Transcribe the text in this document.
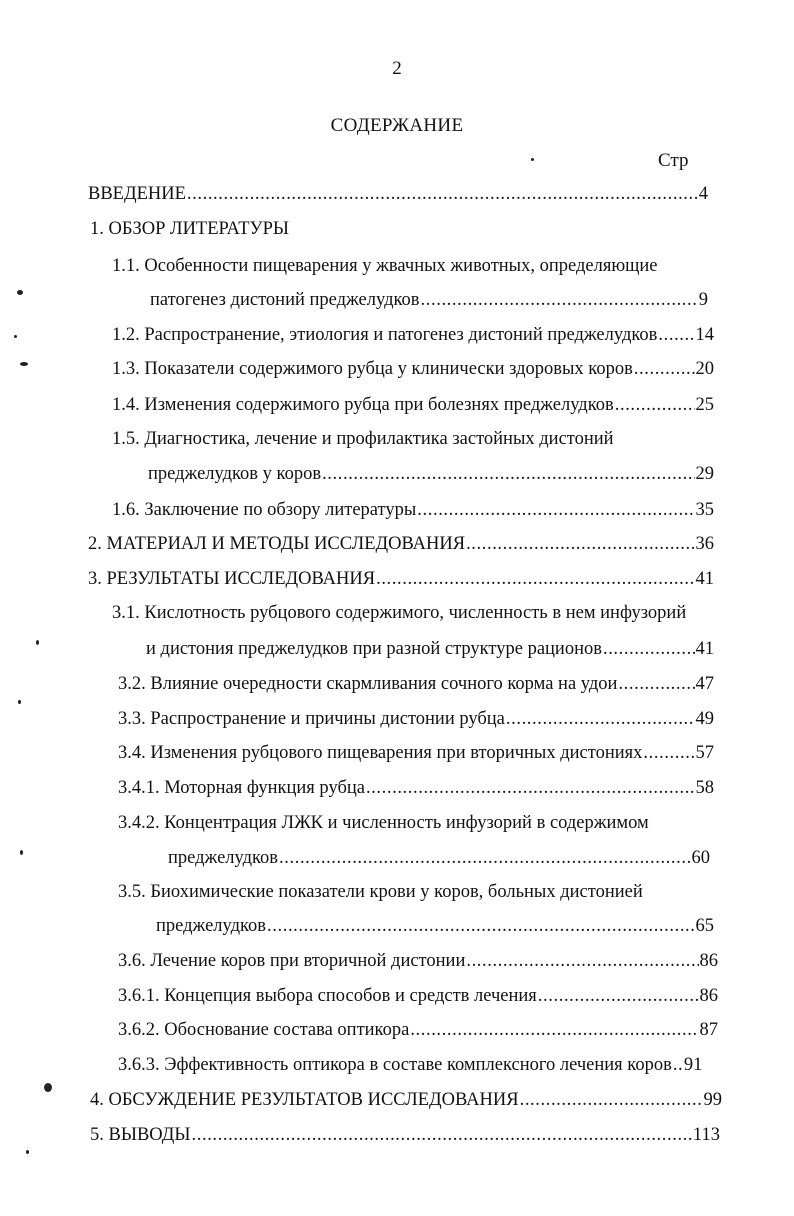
2
СОДЕРЖАНИЕ
Стр
ВВЕДЕНИЕ .....	4
1. ОБЗОР ЛИТЕРАТУРЫ
1.1. Особенности пищеварения у жвачных животных, определяющие
патогенез дистоний преджелудков .....	9
1.2. Распространение, этиология и патогенез дистоний преджелудков ..... 14
1.3. Показатели содержимого рубца у клинически здоровых коров .....	20
1.4. Изменения содержимого рубца при болезнях преджелудков .....	25
1.5. Диагностика, лечение и профилактика застойных дистоний
преджелудков у коров .....	29
1.6. Заключение по обзору литературы .....	35
2. МАТЕРИАЛ И МЕТОДЫ ИССЛЕДОВАНИЯ .....	36
3. РЕЗУЛЬТАТЫ ИССЛЕДОВАНИЯ .....	41
3.1. Кислотность рубцового содержимого, численность в нем инфузорий
и дистония преджелудков при разной структуре рационов .....	41
3.2. Влияние очередности скармливания сочного корма на удои .....	47
3.3. Распространение и причины дистонии рубца .....	49
3.4. Изменения рубцового пищеварения при вторичных дистониях .....	57
3.4.1. Моторная функция рубца .....	58
3.4.2. Концентрация ЛЖК и численность инфузорий в содержимом
преджелудков .....	60
3.5. Биохимические показатели крови у коров, больных дистонией
преджелудков .....	65
3.6. Лечение коров при вторичной дистонии .....	86
3.6.1. Концепция выбора способов и средств лечения .....	86
3.6.2. Обоснование состава оптикора .....	87
3.6.3. Эффективность оптикора в составе комплексного лечения коров ..... 91
4. ОБСУЖДЕНИЕ РЕЗУЛЬТАТОВ ИССЛЕДОВАНИЯ .....	99
5. ВЫВОДЫ .....	113
